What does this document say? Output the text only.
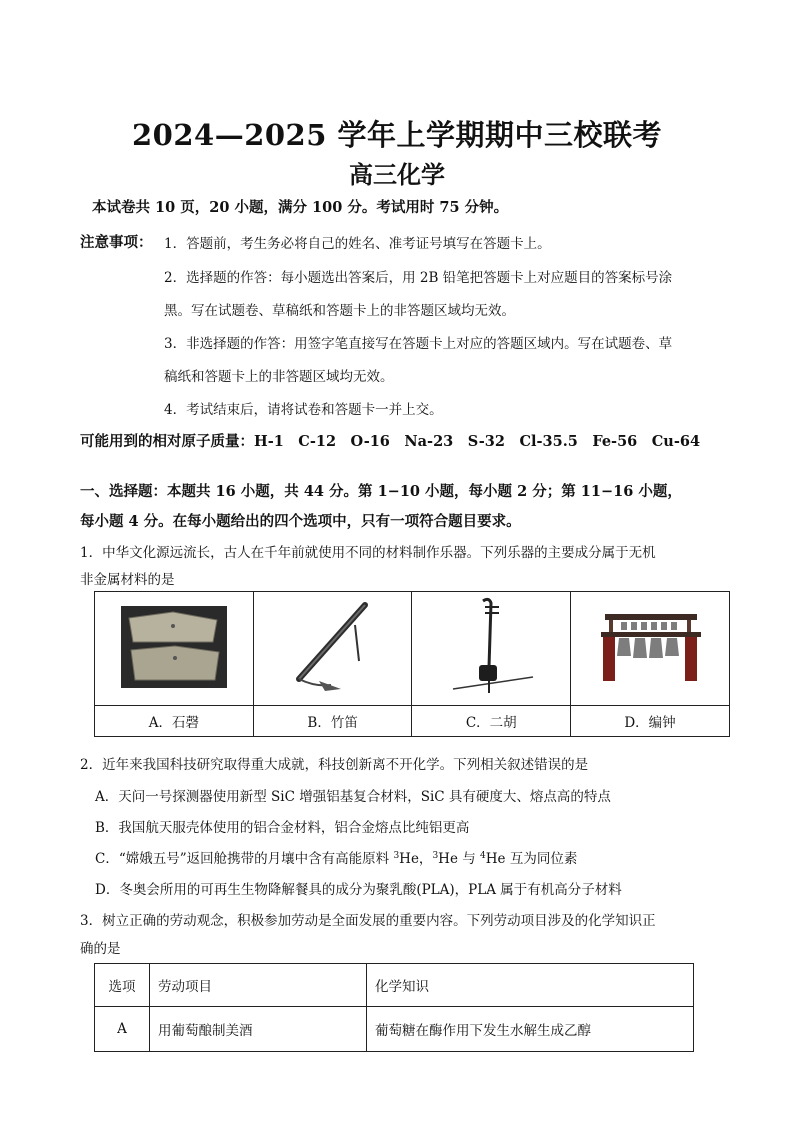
2024—2025 学年上学期期中三校联考
高三化学
本试卷共 10 页，20 小题，满分 100 分。考试用时 75 分钟。
注意事项： 1．答题前，考生务必将自己的姓名、准考证号填写在答题卡上。
2．选择题的作答：每小题选出答案后，用 2B 铅笔把答题卡上对应题目的答案标号涂
黑。写在试题卷、草稿纸和答题卡上的非答题区域均无效。
3．非选择题的作答：用签字笔直接写在答题卡上对应的答题区域内。写在试题卷、草
稿纸和答题卡上的非答题区域均无效。
4．考试结束后，请将试卷和答题卡一并上交。
可能用到的相对原子质量：H-1　C-12　O-16　Na-23　S-32　Cl-35.5　Fe-56　Cu-64
一、选择题：本题共 16 小题，共 44 分。第 1−10 小题，每小题 2 分；第 11−16 小题，
每小题 4 分。在每小题给出的四个选项中，只有一项符合题目要求。
1．中华文化源远流长，古人在千年前就使用不同的材料制作乐器。下列乐器的主要成分属于无机
非金属材料的是

A．石磬	B．竹笛	C．二胡	D．编钟
2．近年来我国科技研究取得重大成就，科技创新离不开化学。下列相关叙述错误的是
A．天问一号探测器使用新型 SiC 增强铝基复合材料，SiC 具有硬度大、熔点高的特点
B．我国航天服壳体使用的铝合金材料，铝合金熔点比纯铝更高
C．“嫦娥五号”返回舱携带的月壤中含有高能原料 $^3$He，$^3$He 与 $^4$He 互为同位素
D．冬奥会所用的可再生生物降解餐具的成分为聚乳酸(PLA)，PLA 属于有机高分子材料
3．树立正确的劳动观念，积极参加劳动是全面发展的重要内容。下列劳动项目涉及的化学知识正
确的是
选项	劳动项目	化学知识
A	用葡萄酿制美酒	葡萄糖在酶作用下发生水解生成乙醇
